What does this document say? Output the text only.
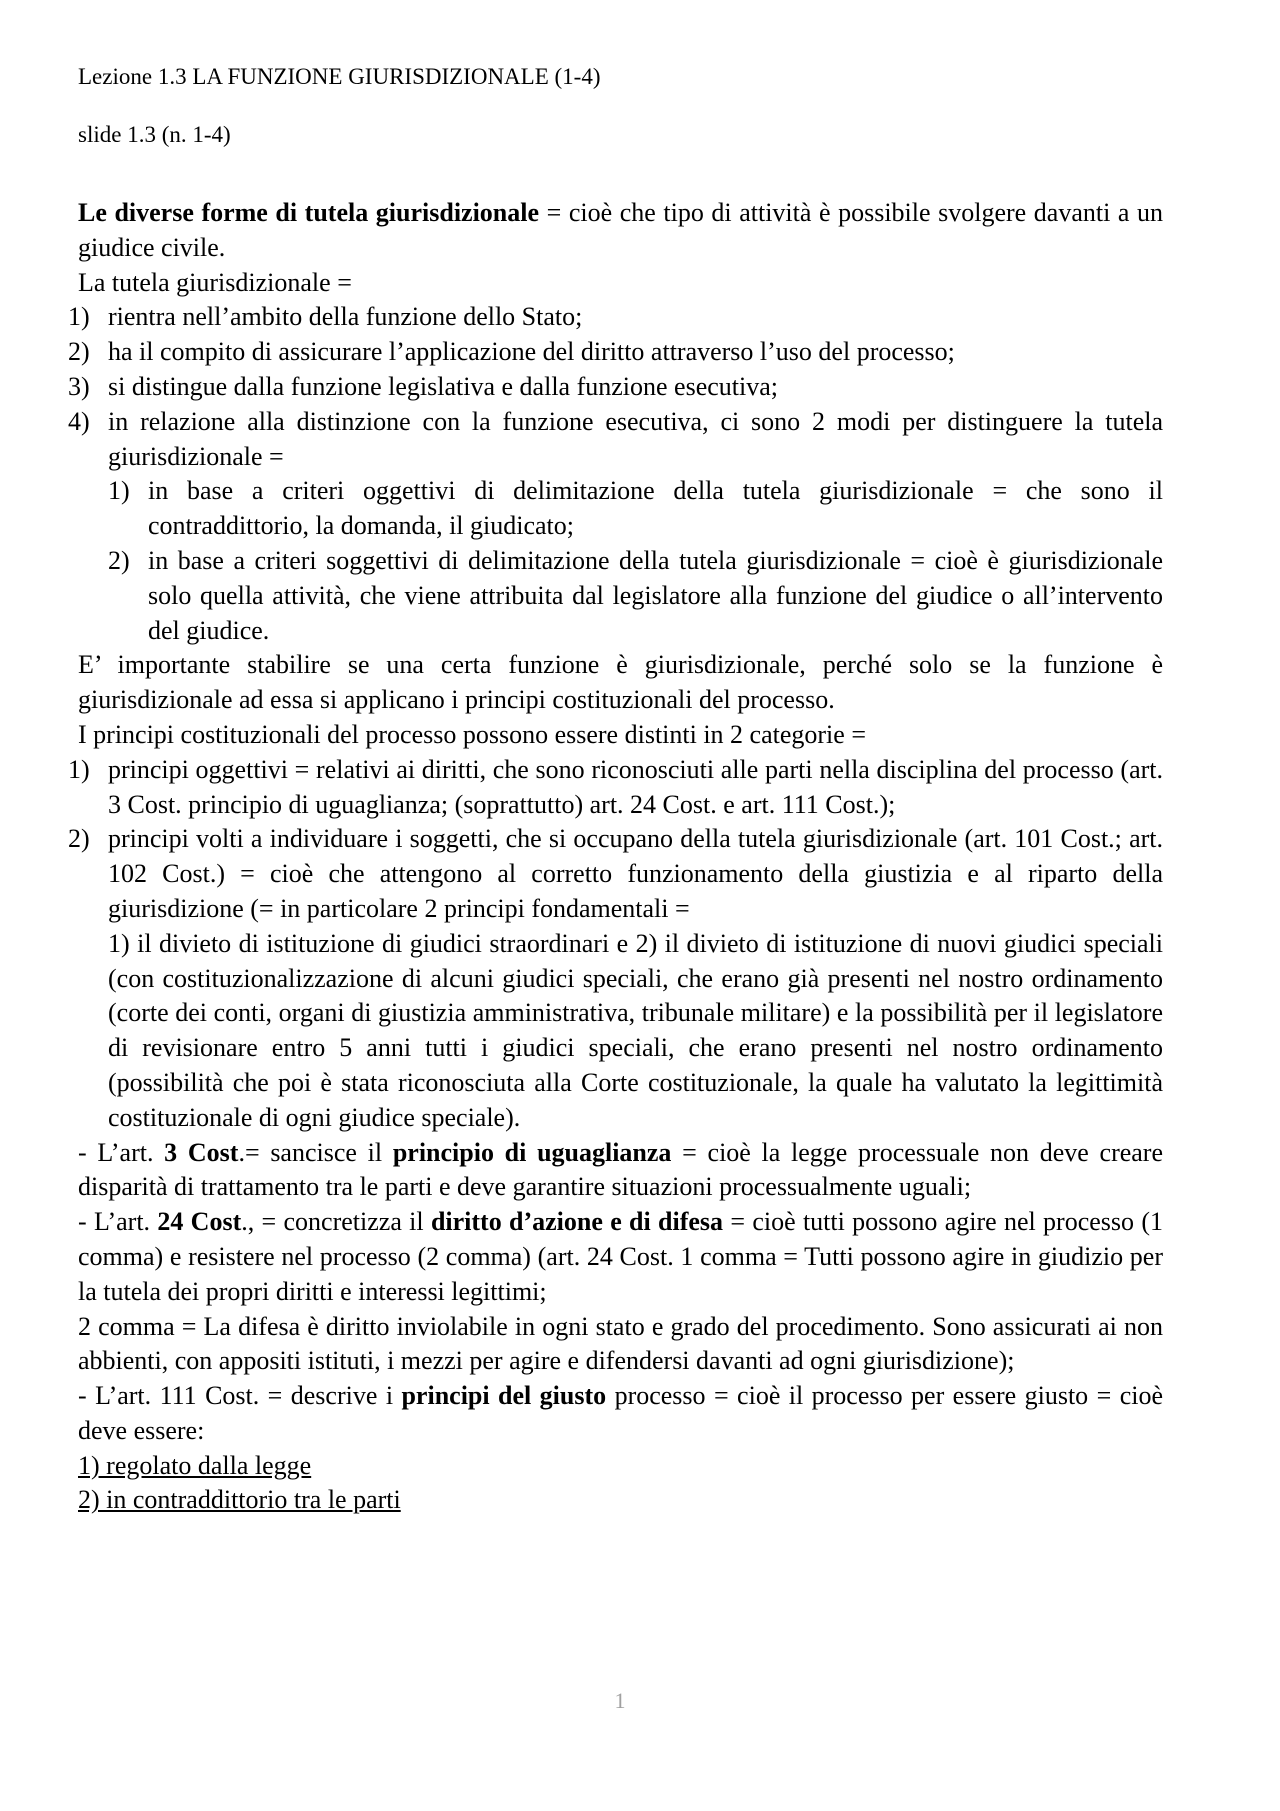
Lezione 1.3 LA FUNZIONE GIURISDIZIONALE (1-4)
slide 1.3 (n. 1-4)
Le diverse forme di tutela giurisdizionale = cioè che tipo di attività è possibile svolgere davanti a un giudice civile.
La tutela giurisdizionale =
1) rientra nell’ambito della funzione dello Stato;
2) ha il compito di assicurare l’applicazione del diritto attraverso l’uso del processo;
3) si distingue dalla funzione legislativa e dalla funzione esecutiva;
4) in relazione alla distinzione con la funzione esecutiva, ci sono 2 modi per distinguere la tutela giurisdizionale =
1) in base a criteri oggettivi di delimitazione della tutela giurisdizionale = che sono il contraddittorio, la domanda, il giudicato;
2) in base a criteri soggettivi di delimitazione della tutela giurisdizionale = cioè è giurisdizionale solo quella attività, che viene attribuita dal legislatore alla funzione del giudice o all’intervento del giudice.
E’ importante stabilire se una certa funzione è giurisdizionale, perché solo se la funzione è giurisdizionale ad essa si applicano i principi costituzionali del processo.
I principi costituzionali del processo possono essere distinti in 2 categorie =
1) principi oggettivi = relativi ai diritti, che sono riconosciuti alle parti nella disciplina del processo (art. 3 Cost. principio di uguaglianza; (soprattutto) art. 24 Cost. e art. 111 Cost.);
2) principi volti a individuare i soggetti, che si occupano della tutela giurisdizionale (art. 101 Cost.; art. 102 Cost.) = cioè che attengono al corretto funzionamento della giustizia e al riparto della giurisdizione (= in particolare 2 principi fondamentali =
1) il divieto di istituzione di giudici straordinari e 2) il divieto di istituzione di nuovi giudici speciali (con costituzionalizzazione di alcuni giudici speciali, che erano già presenti nel nostro ordinamento (corte dei conti, organi di giustizia amministrativa, tribunale militare) e la possibilità per il legislatore di revisionare entro 5 anni tutti i giudici speciali, che erano presenti nel nostro ordinamento (possibilità che poi è stata riconosciuta alla Corte costituzionale, la quale ha valutato la legittimità costituzionale di ogni giudice speciale).
- L’art. 3 Cost.= sancisce il principio di uguaglianza = cioè la legge processuale non deve creare disparità di trattamento tra le parti e deve garantire situazioni processualmente uguali;
- L’art. 24 Cost., = concretizza il diritto d’azione e di difesa = cioè tutti possono agire nel processo (1 comma) e resistere nel processo (2 comma) (art. 24 Cost. 1 comma = Tutti possono agire in giudizio per la tutela dei propri diritti e interessi legittimi;
2 comma = La difesa è diritto inviolabile in ogni stato e grado del procedimento. Sono assicurati ai non abbienti, con appositi istituti, i mezzi per agire e difendersi davanti ad ogni giurisdizione);
- L’art. 111 Cost. = descrive i principi del giusto processo = cioè il processo per essere giusto = cioè deve essere:
1) regolato dalla legge
2) in contraddittorio tra le parti
1
